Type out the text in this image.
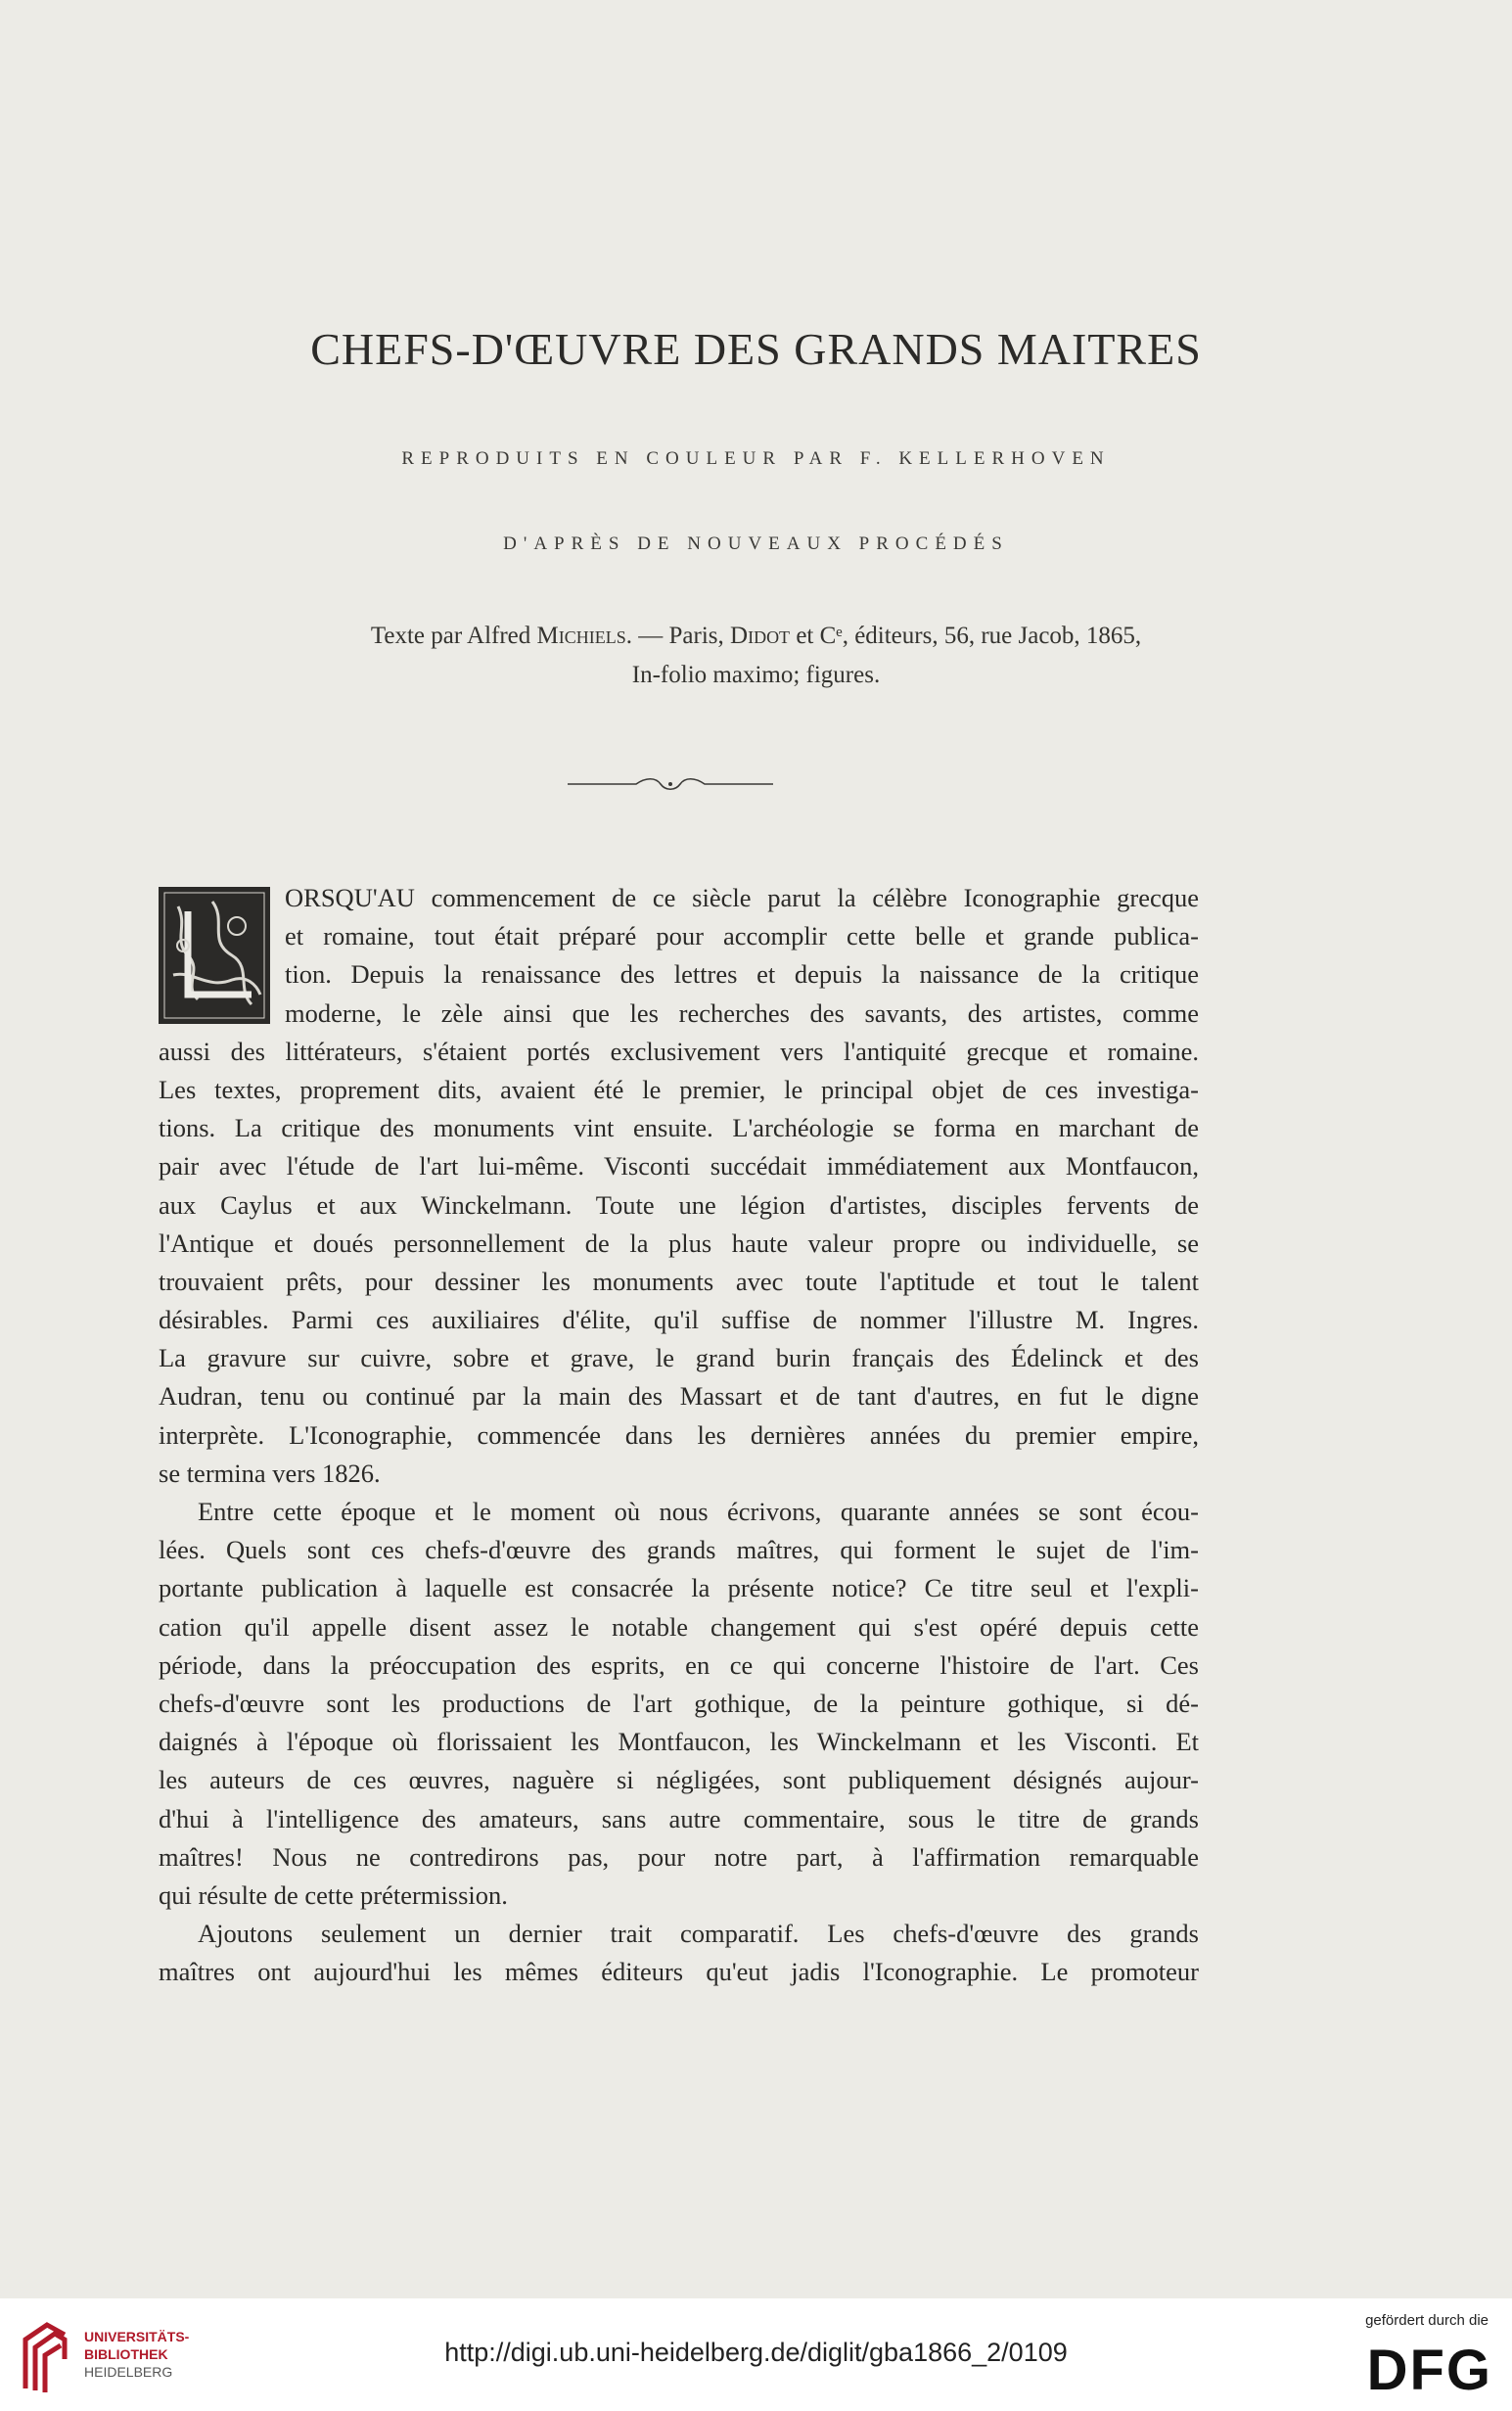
CHEFS-D'ŒUVRE DES GRANDS MAITRES
REPRODUITS EN COULEUR PAR F. KELLERHOVEN
D'APRÈS DE NOUVEAUX PROCÉDÉS
Texte par Alfred Michiels. — Paris, Didot et Cᵉ, éditeurs, 56, rue Jacob, 1865,
In-folio maximo; figures.
ORSQU'AU commencement de ce siècle parut la célèbre Iconographie grecque
et romaine, tout était préparé pour accomplir cette belle et grande publica-
tion. Depuis la renaissance des lettres et depuis la naissance de la critique
moderne, le zèle ainsi que les recherches des savants, des artistes, comme
aussi des littérateurs, s'étaient portés exclusivement vers l'antiquité grecque et romaine.
Les textes, proprement dits, avaient été le premier, le principal objet de ces investiga-
tions. La critique des monuments vint ensuite. L'archéologie se forma en marchant de
pair avec l'étude de l'art lui-même. Visconti succédait immédiatement aux Montfaucon,
aux Caylus et aux Winckelmann. Toute une légion d'artistes, disciples fervents de
l'Antique et doués personnellement de la plus haute valeur propre ou individuelle, se
trouvaient prêts, pour dessiner les monuments avec toute l'aptitude et tout le talent
désirables. Parmi ces auxiliaires d'élite, qu'il suffise de nommer l'illustre M. Ingres.
La gravure sur cuivre, sobre et grave, le grand burin français des Édelinck et des
Audran, tenu ou continué par la main des Massart et de tant d'autres, en fut le digne
interprète. L'Iconographie, commencée dans les dernières années du premier empire,
se termina vers 1826.
Entre cette époque et le moment où nous écrivons, quarante années se sont écou-
lées. Quels sont ces chefs-d'œuvre des grands maîtres, qui forment le sujet de l'im-
portante publication à laquelle est consacrée la présente notice? Ce titre seul et l'expli-
cation qu'il appelle disent assez le notable changement qui s'est opéré depuis cette
période, dans la préoccupation des esprits, en ce qui concerne l'histoire de l'art. Ces
chefs-d'œuvre sont les productions de l'art gothique, de la peinture gothique, si dé-
daignés à l'époque où florissaient les Montfaucon, les Winckelmann et les Visconti. Et
les auteurs de ces œuvres, naguère si négligées, sont publiquement désignés aujour-
d'hui à l'intelligence des amateurs, sans autre commentaire, sous le titre de grands
maîtres! Nous ne contredirons pas, pour notre part, à l'affirmation remarquable
qui résulte de cette prétermission.
Ajoutons seulement un dernier trait comparatif. Les chefs-d'œuvre des grands
maîtres ont aujourd'hui les mêmes éditeurs qu'eut jadis l'Iconographie. Le promoteur
UNIVERSITÄTS-
BIBLIOTHEK
HEIDELBERG
http://digi.ub.uni-heidelberg.de/diglit/gba1866_2/0109
gefördert durch die
DFG
